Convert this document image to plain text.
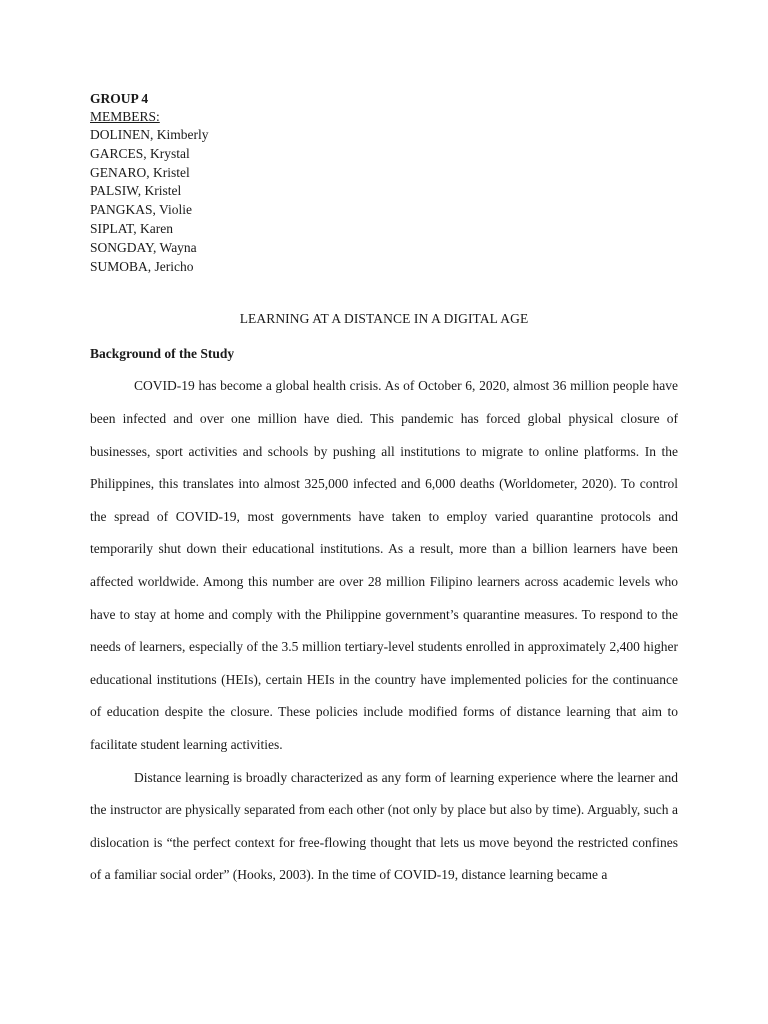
GROUP 4

MEMBERS:

DOLINEN, Kimberly
GARCES, Krystal
GENARO, Kristel
PALSIW, Kristel
PANGKAS, Violie
SIPLAT, Karen
SONGDAY, Wayna
SUMOBA, Jericho

LEARNING AT A DISTANCE IN A DIGITAL AGE

Background of the Study

COVID-19 has become a global health crisis. As of October 6, 2020, almost 36 million people have been infected and over one million have died. This pandemic has forced global physical closure of businesses, sport activities and schools by pushing all institutions to migrate to online platforms. In the Philippines, this translates into almost 325,000 infected and 6,000 deaths (Worldometer, 2020). To control the spread of COVID-19, most governments have taken to employ varied quarantine protocols and temporarily shut down their educational institutions. As a result, more than a billion learners have been affected worldwide. Among this number are over 28 million Filipino learners across academic levels who have to stay at home and comply with the Philippine government’s quarantine measures. To respond to the needs of learners, especially of the 3.5 million tertiary-level students enrolled in approximately 2,400 higher educational institutions (HEIs), certain HEIs in the country have implemented policies for the continuance of education despite the closure. These policies include modified forms of distance learning that aim to facilitate student learning activities.

Distance learning is broadly characterized as any form of learning experience where the learner and the instructor are physically separated from each other (not only by place but also by time). Arguably, such a dislocation is “the perfect context for free-flowing thought that lets us move beyond the restricted confines of a familiar social order” (Hooks, 2003). In the time of COVID-19, distance learning became a
